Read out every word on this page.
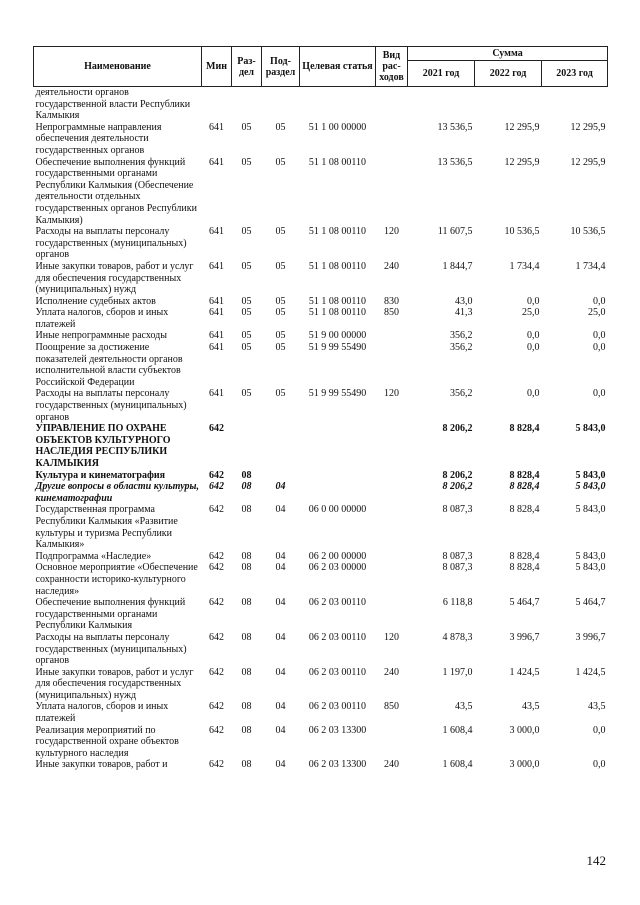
Наименование	Мин	Раз-дел	Под-раздел	Целевая статья	Вид рас-ходов	Сумма		
						2021 год	2022 год	2023 год
деятельности органов государственной власти Республики Калмыкия								
Непрограммные направления обеспечения деятельности государственных органов	641	05	05	51 1 00 00000		13 536,5	12 295,9	12 295,9
Обеспечение выполнения функций государственными органами Республики Калмыкия (Обеспечение деятельности отдельных государственных органов Республики Калмыкия)	641	05	05	51 1 08 00110		13 536,5	12 295,9	12 295,9
Расходы на выплаты персоналу государственных (муниципальных) органов	641	05	05	51 1 08 00110	120	11 607,5	10 536,5	10 536,5
Иные закупки товаров, работ и услуг для обеспечения государственных (муниципальных) нужд	641	05	05	51 1 08 00110	240	1 844,7	1 734,4	1 734,4
Исполнение судебных актов	641	05	05	51 1 08 00110	830	43,0	0,0	0,0
Уплата налогов, сборов и иных платежей	641	05	05	51 1 08 00110	850	41,3	25,0	25,0
Иные непрограммные расходы	641	05	05	51 9 00 00000		356,2	0,0	0,0
Поощрение за достижение показателей деятельности органов исполнительной власти субъектов Российской Федерации	641	05	05	51 9 99 55490		356,2	0,0	0,0
Расходы на выплаты персоналу государственных (муниципальных) органов	641	05	05	51 9 99 55490	120	356,2	0,0	0,0
УПРАВЛЕНИЕ ПО ОХРАНЕ ОБЪЕКТОВ КУЛЬТУРНОГО НАСЛЕДИЯ РЕСПУБЛИКИ КАЛМЫКИЯ	642					8 206,2	8 828,4	5 843,0
Культура и кинематография	642	08				8 206,2	8 828,4	5 843,0
Другие вопросы в области культуры, кинематографии	642	08	04			8 206,2	8 828,4	5 843,0
Государственная программа Республики Калмыкия «Развитие культуры и туризма Республики Калмыкия»	642	08	04	06 0 00 00000		8 087,3	8 828,4	5 843,0
Подпрограмма «Наследие»	642	08	04	06 2 00 00000		8 087,3	8 828,4	5 843,0
Основное мероприятие «Обеспечение сохранности историко-культурного наследия»	642	08	04	06 2 03 00000		8 087,3	8 828,4	5 843,0
Обеспечение выполнения функций государственными органами Республики Калмыкия	642	08	04	06 2 03 00110		6 118,8	5 464,7	5 464,7
Расходы на выплаты персоналу государственных (муниципальных) органов	642	08	04	06 2 03 00110	120	4 878,3	3 996,7	3 996,7
Иные закупки товаров, работ и услуг для обеспечения государственных (муниципальных) нужд	642	08	04	06 2 03 00110	240	1 197,0	1 424,5	1 424,5
Уплата налогов, сборов и иных платежей	642	08	04	06 2 03 00110	850	43,5	43,5	43,5
Реализация мероприятий по государственной охране объектов культурного наследия	642	08	04	06 2 03 13300		1 608,4	3 000,0	0,0
Иные закупки товаров, работ и	642	08	04	06 2 03 13300	240	1 608,4	3 000,0	0,0
142
